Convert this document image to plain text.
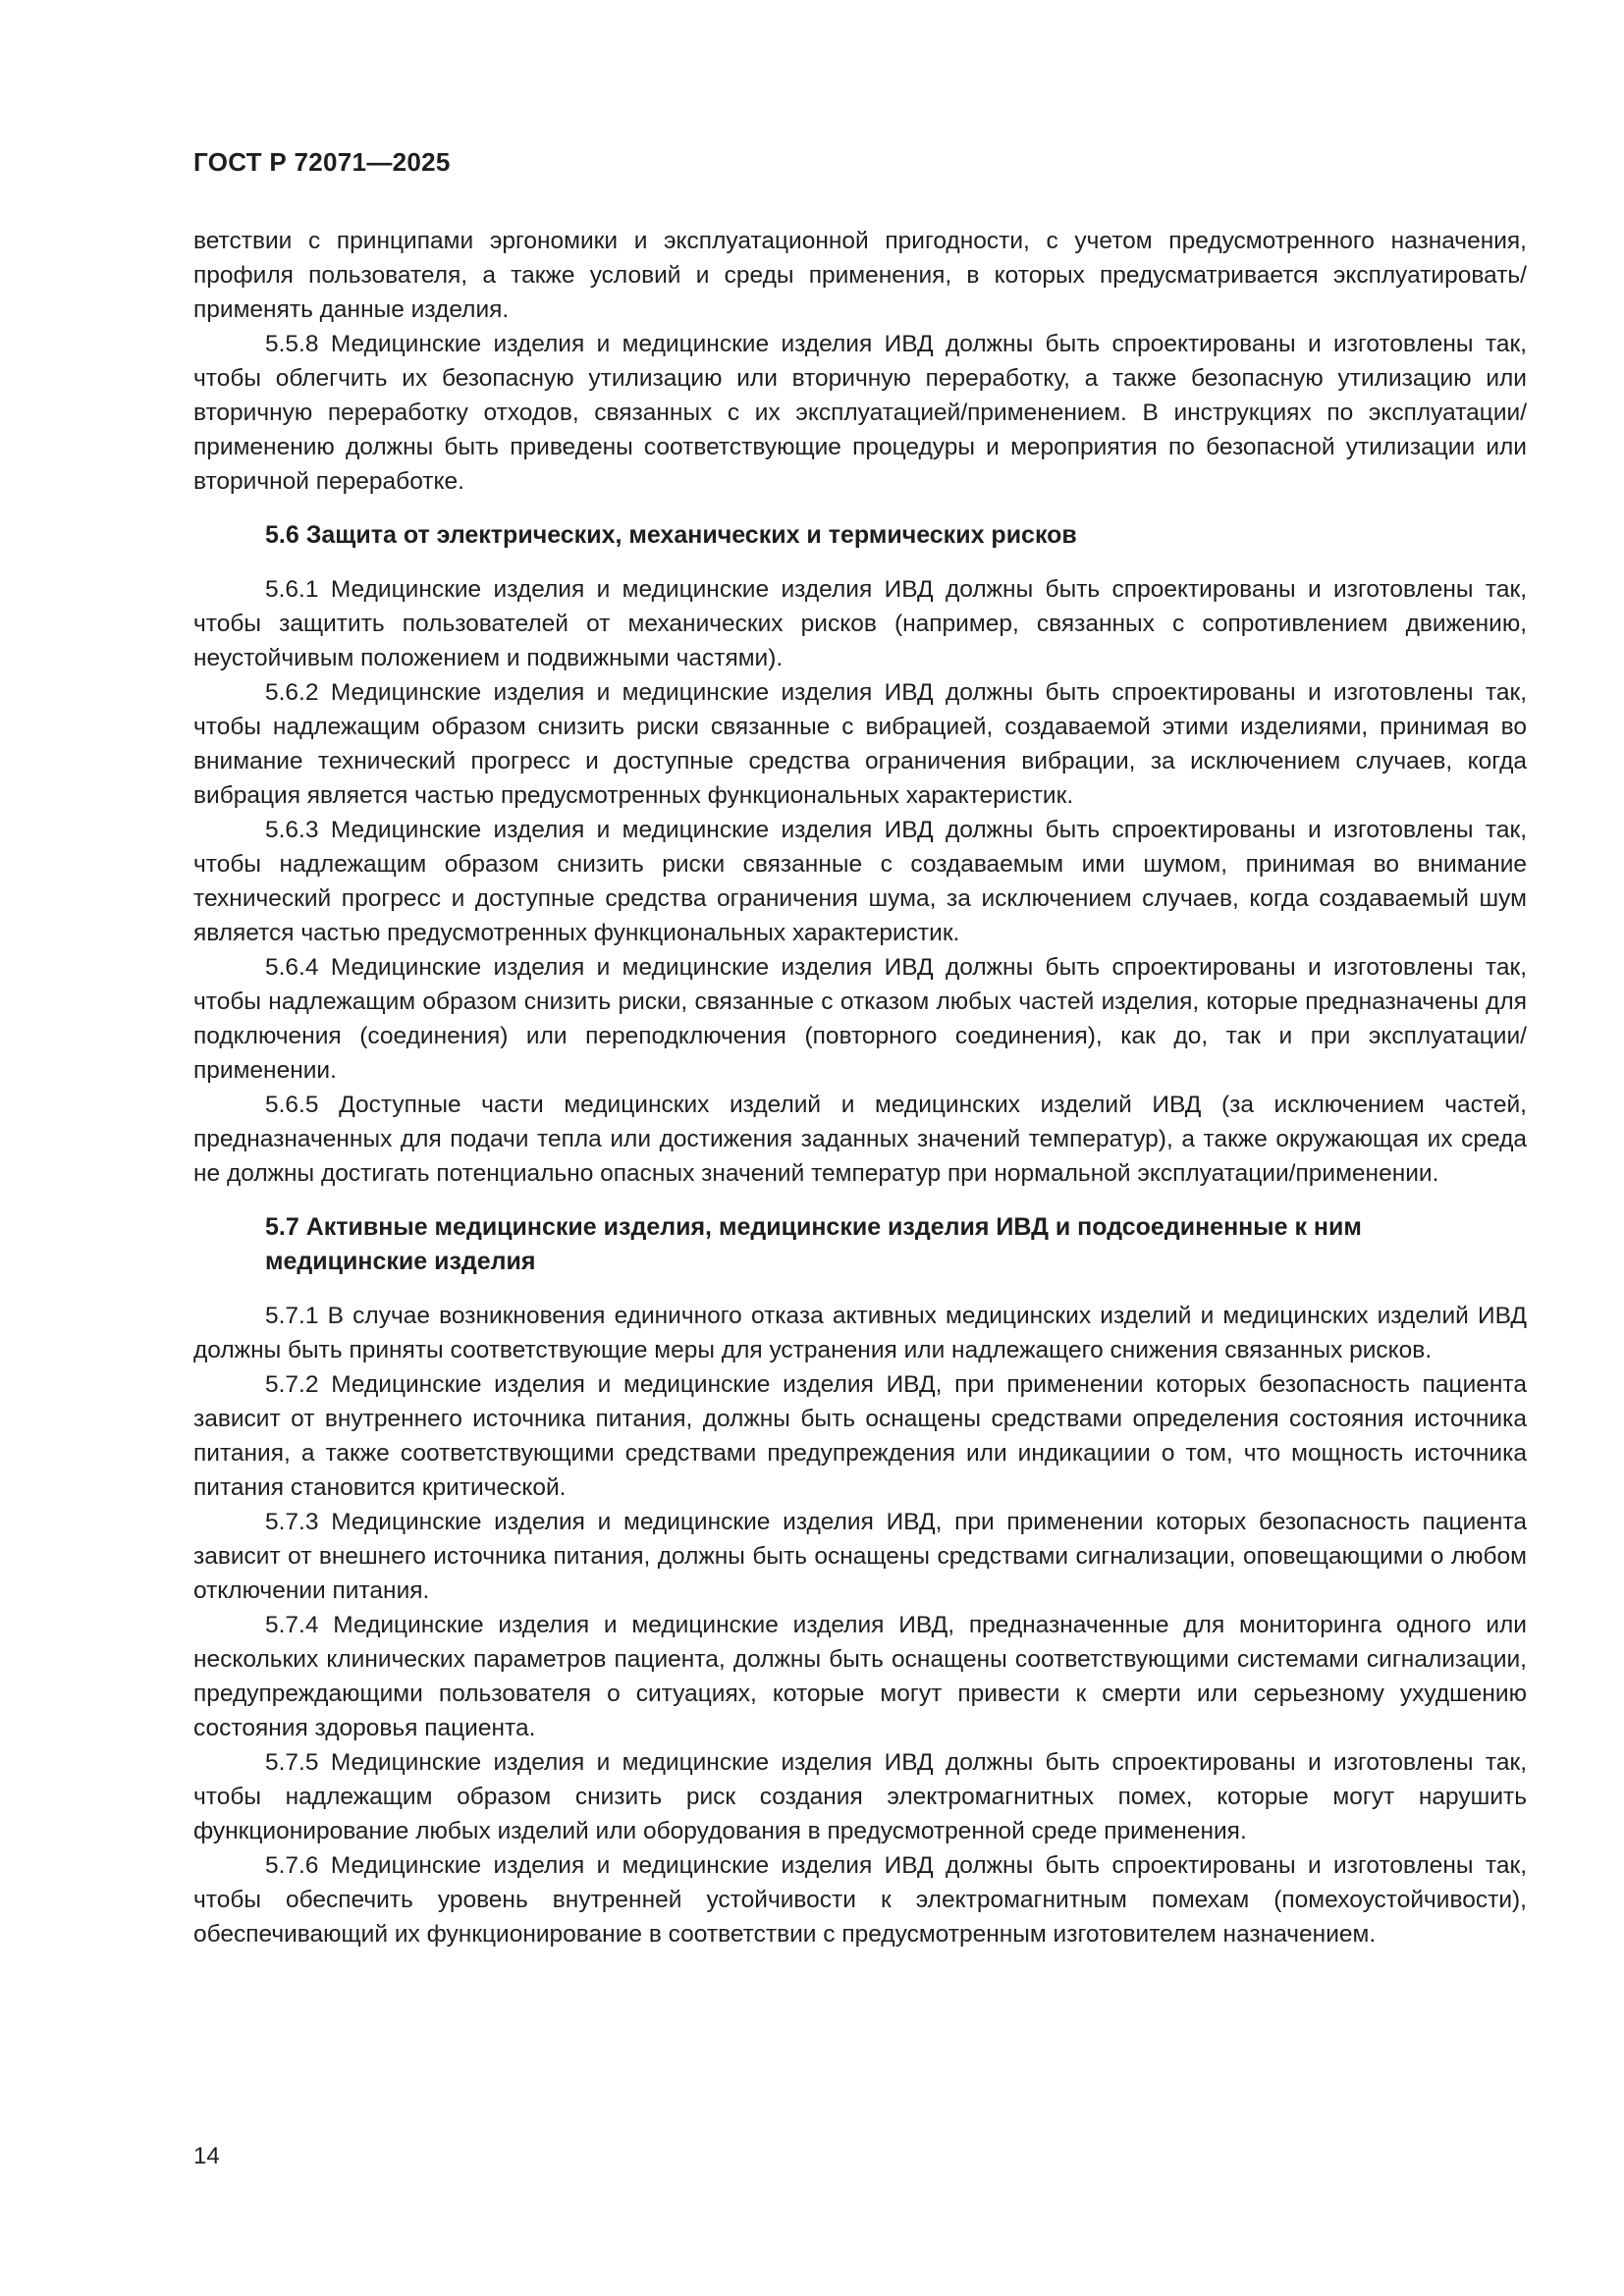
ГОСТ Р 72071—2025

ветствии с принципами эргономики и эксплуатационной пригодности, с учетом предусмотренного назначения, профиля пользователя, а также условий и среды применения, в которых предусматривается эксплуатировать/применять данные изделия.

5.5.8 Медицинские изделия и медицинские изделия ИВД должны быть спроектированы и изготовлены так, чтобы облегчить их безопасную утилизацию или вторичную переработку, а также безопасную утилизацию или вторичную переработку отходов, связанных с их эксплуатацией/применением. В инструкциях по эксплуатации/применению должны быть приведены соответствующие процедуры и мероприятия по безопасной утилизации или вторичной переработке.

5.6 Защита от электрических, механических и термических рисков

5.6.1 Медицинские изделия и медицинские изделия ИВД должны быть спроектированы и изготовлены так, чтобы защитить пользователей от механических рисков (например, связанных с сопротивлением движению, неустойчивым положением и подвижными частями).

5.6.2 Медицинские изделия и медицинские изделия ИВД должны быть спроектированы и изготовлены так, чтобы надлежащим образом снизить риски связанные с вибрацией, создаваемой этими изделиями, принимая во внимание технический прогресс и доступные средства ограничения вибрации, за исключением случаев, когда вибрация является частью предусмотренных функциональных характеристик.

5.6.3 Медицинские изделия и медицинские изделия ИВД должны быть спроектированы и изготовлены так, чтобы надлежащим образом снизить риски связанные с создаваемым ими шумом, принимая во внимание технический прогресс и доступные средства ограничения шума, за исключением случаев, когда создаваемый шум является частью предусмотренных функциональных характеристик.

5.6.4 Медицинские изделия и медицинские изделия ИВД должны быть спроектированы и изготовлены так, чтобы надлежащим образом снизить риски, связанные с отказом любых частей изделия, которые предназначены для подключения (соединения) или переподключения (повторного соединения), как до, так и при эксплуатации/применении.

5.6.5 Доступные части медицинских изделий и медицинских изделий ИВД (за исключением частей, предназначенных для подачи тепла или достижения заданных значений температур), а также окружающая их среда не должны достигать потенциально опасных значений температур при нормальной эксплуатации/применении.

5.7 Активные медицинские изделия, медицинские изделия ИВД и подсоединенные к ним медицинские изделия

5.7.1 В случае возникновения единичного отказа активных медицинских изделий и медицинских изделий ИВД должны быть приняты соответствующие меры для устранения или надлежащего снижения связанных рисков.

5.7.2 Медицинские изделия и медицинские изделия ИВД, при применении которых безопасность пациента зависит от внутреннего источника питания, должны быть оснащены средствами определения состояния источника питания, а также соответствующими средствами предупреждения или индикациии о том, что мощность источника питания становится критической.

5.7.3 Медицинские изделия и медицинские изделия ИВД, при применении которых безопасность пациента зависит от внешнего источника питания, должны быть оснащены средствами сигнализации, оповещающими о любом отключении питания.

5.7.4 Медицинские изделия и медицинские изделия ИВД, предназначенные для мониторинга одного или нескольких клинических параметров пациента, должны быть оснащены соответствующими системами сигнализации, предупреждающими пользователя о ситуациях, которые могут привести к смерти или серьезному ухудшению состояния здоровья пациента.

5.7.5 Медицинские изделия и медицинские изделия ИВД должны быть спроектированы и изготовлены так, чтобы надлежащим образом снизить риск создания электромагнитных помех, которые могут нарушить функционирование любых изделий или оборудования в предусмотренной среде применения.

5.7.6 Медицинские изделия и медицинские изделия ИВД должны быть спроектированы и изготовлены так, чтобы обеспечить уровень внутренней устойчивости к электромагнитным помехам (помехоустойчивости), обеспечивающий их функционирование в соответствии с предусмотренным изготовителем назначением.

14
